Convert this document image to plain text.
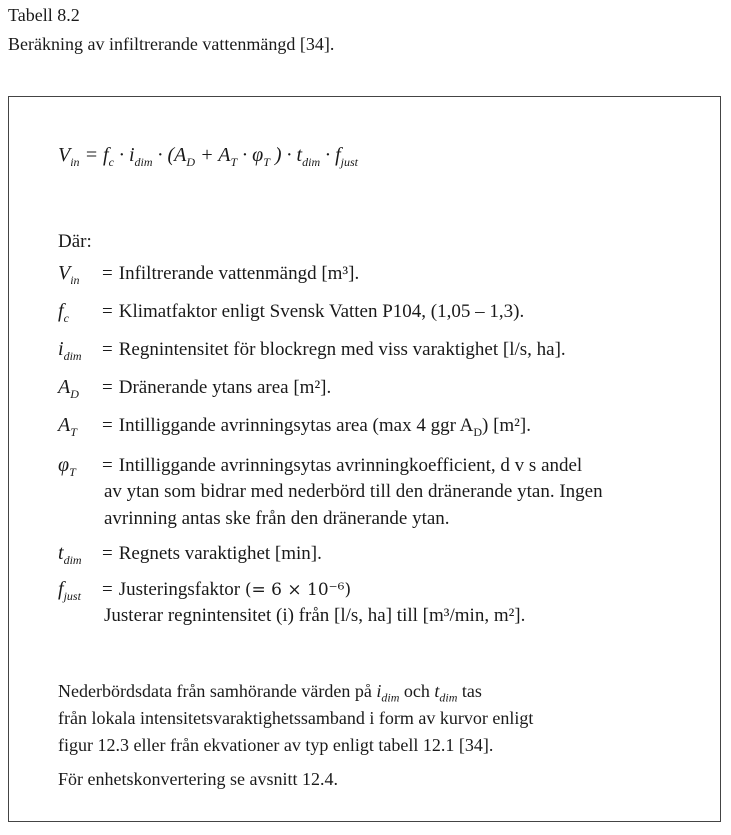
Tabell 8.2
Beräkning av infiltrerande vattenmängd [34].
$V_{in} = f_c \cdot i_{dim} \cdot (A_D + A_T \cdot \varphi_T$ ) · $t_{dim} \cdot f_{just}$
Där:
$V_{in}$ = Infiltrerande vattenmängd [m³].
$f_c$ = Klimatfaktor enligt Svensk Vatten P104, (1,05 – 1,3).
$i_{dim}$ = Regnintensitet för blockregn med viss varaktighet [l/s, ha].
$A_D$ = Dränerande ytans area [m²].
$A_T$ = Intilliggande avrinningsytas area (max 4 ggr $A_D$) [m²].
$\varphi_T$ = Intilliggande avrinningsytas avrinningkoefficient, d v s andel
av ytan som bidrar med nederbörd till den dränerande ytan. Ingen
avrinning antas ske från den dränerande ytan.
$t_{dim}$ = Regnets varaktighet [min].
$f_{just}$ = Justeringsfaktor (= 6 × 10⁻⁶)
Justerar regnintensitet (i) från [l/s, ha] till [m³/min, m²].
Nederbördsdata från samhörande värden på $i_{dim}$ och $t_{dim}$ tas
från lokala intensitetsvaraktighetssamband i form av kurvor enligt
figur 12.3 eller från ekvationer av typ enligt tabell 12.1 [34].
För enhetskonvertering se avsnitt 12.4.
